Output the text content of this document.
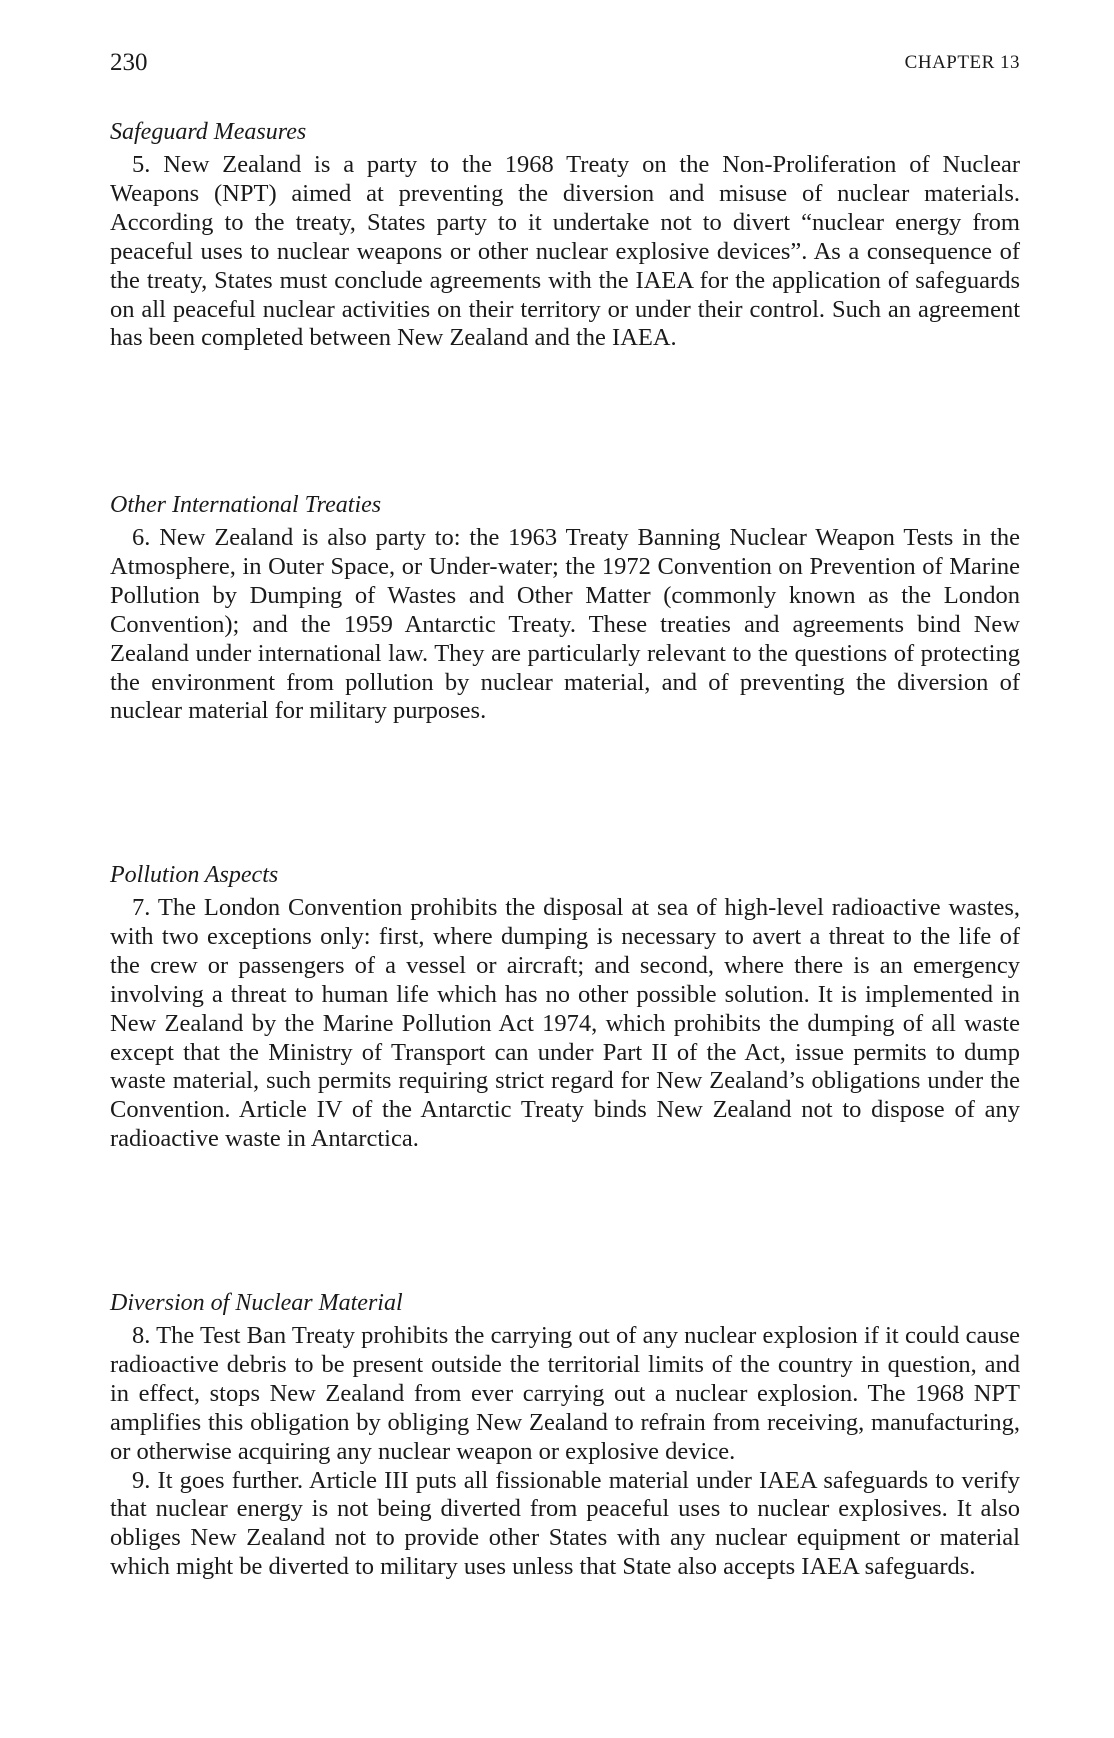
230	CHAPTER 13
Safeguard Measures

5. New Zealand is a party to the 1968 Treaty on the Non-Proliferation of Nuclear Weapons (NPT) aimed at preventing the diversion and misuse of nuclear materials. According to the treaty, States party to it undertake not to divert “nuclear energy from peaceful uses to nuclear weapons or other nuclear explosive devices”. As a consequence of the treaty, States must conclude agreements with the IAEA for the application of safeguards on all peaceful nuclear activities on their territory or under their control. Such an agreement has been completed between New Zealand and the IAEA.

Other International Treaties

6. New Zealand is also party to: the 1963 Treaty Banning Nuclear Weapon Tests in the Atmosphere, in Outer Space, or Under-water; the 1972 Convention on Prevention of Marine Pollution by Dumping of Wastes and Other Matter (commonly known as the London Convention); and the 1959 Antarctic Treaty. These treaties and agreements bind New Zealand under international law. They are particularly relevant to the questions of protecting the environment from pollution by nuclear material, and of preventing the diversion of nuclear material for military purposes.

Pollution Aspects

7. The London Convention prohibits the disposal at sea of high-level radioactive wastes, with two exceptions only: first, where dumping is necessary to avert a threat to the life of the crew or passengers of a vessel or aircraft; and second, where there is an emergency involving a threat to human life which has no other possible solution. It is implemented in New Zealand by the Marine Pollution Act 1974, which prohibits the dumping of all waste except that the Ministry of Transport can under Part II of the Act, issue permits to dump waste material, such permits requiring strict regard for New Zealand’s obligations under the Convention. Article IV of the Antarctic Treaty binds New Zealand not to dispose of any radioactive waste in Antarctica.

Diversion of Nuclear Material

8. The Test Ban Treaty prohibits the carrying out of any nuclear explosion if it could cause radioactive debris to be present outside the territorial limits of the country in question, and in effect, stops New Zealand from ever carrying out a nuclear explosion. The 1968 NPT amplifies this obligation by obliging New Zealand to refrain from receiving, manufacturing, or otherwise acquiring any nuclear weapon or explosive device.

9. It goes further. Article III puts all fissionable material under IAEA safeguards to verify that nuclear energy is not being diverted from peaceful uses to nuclear explosives. It also obliges New Zealand not to provide other States with any nuclear equipment or material which might be diverted to military uses unless that State also accepts IAEA safeguards.
